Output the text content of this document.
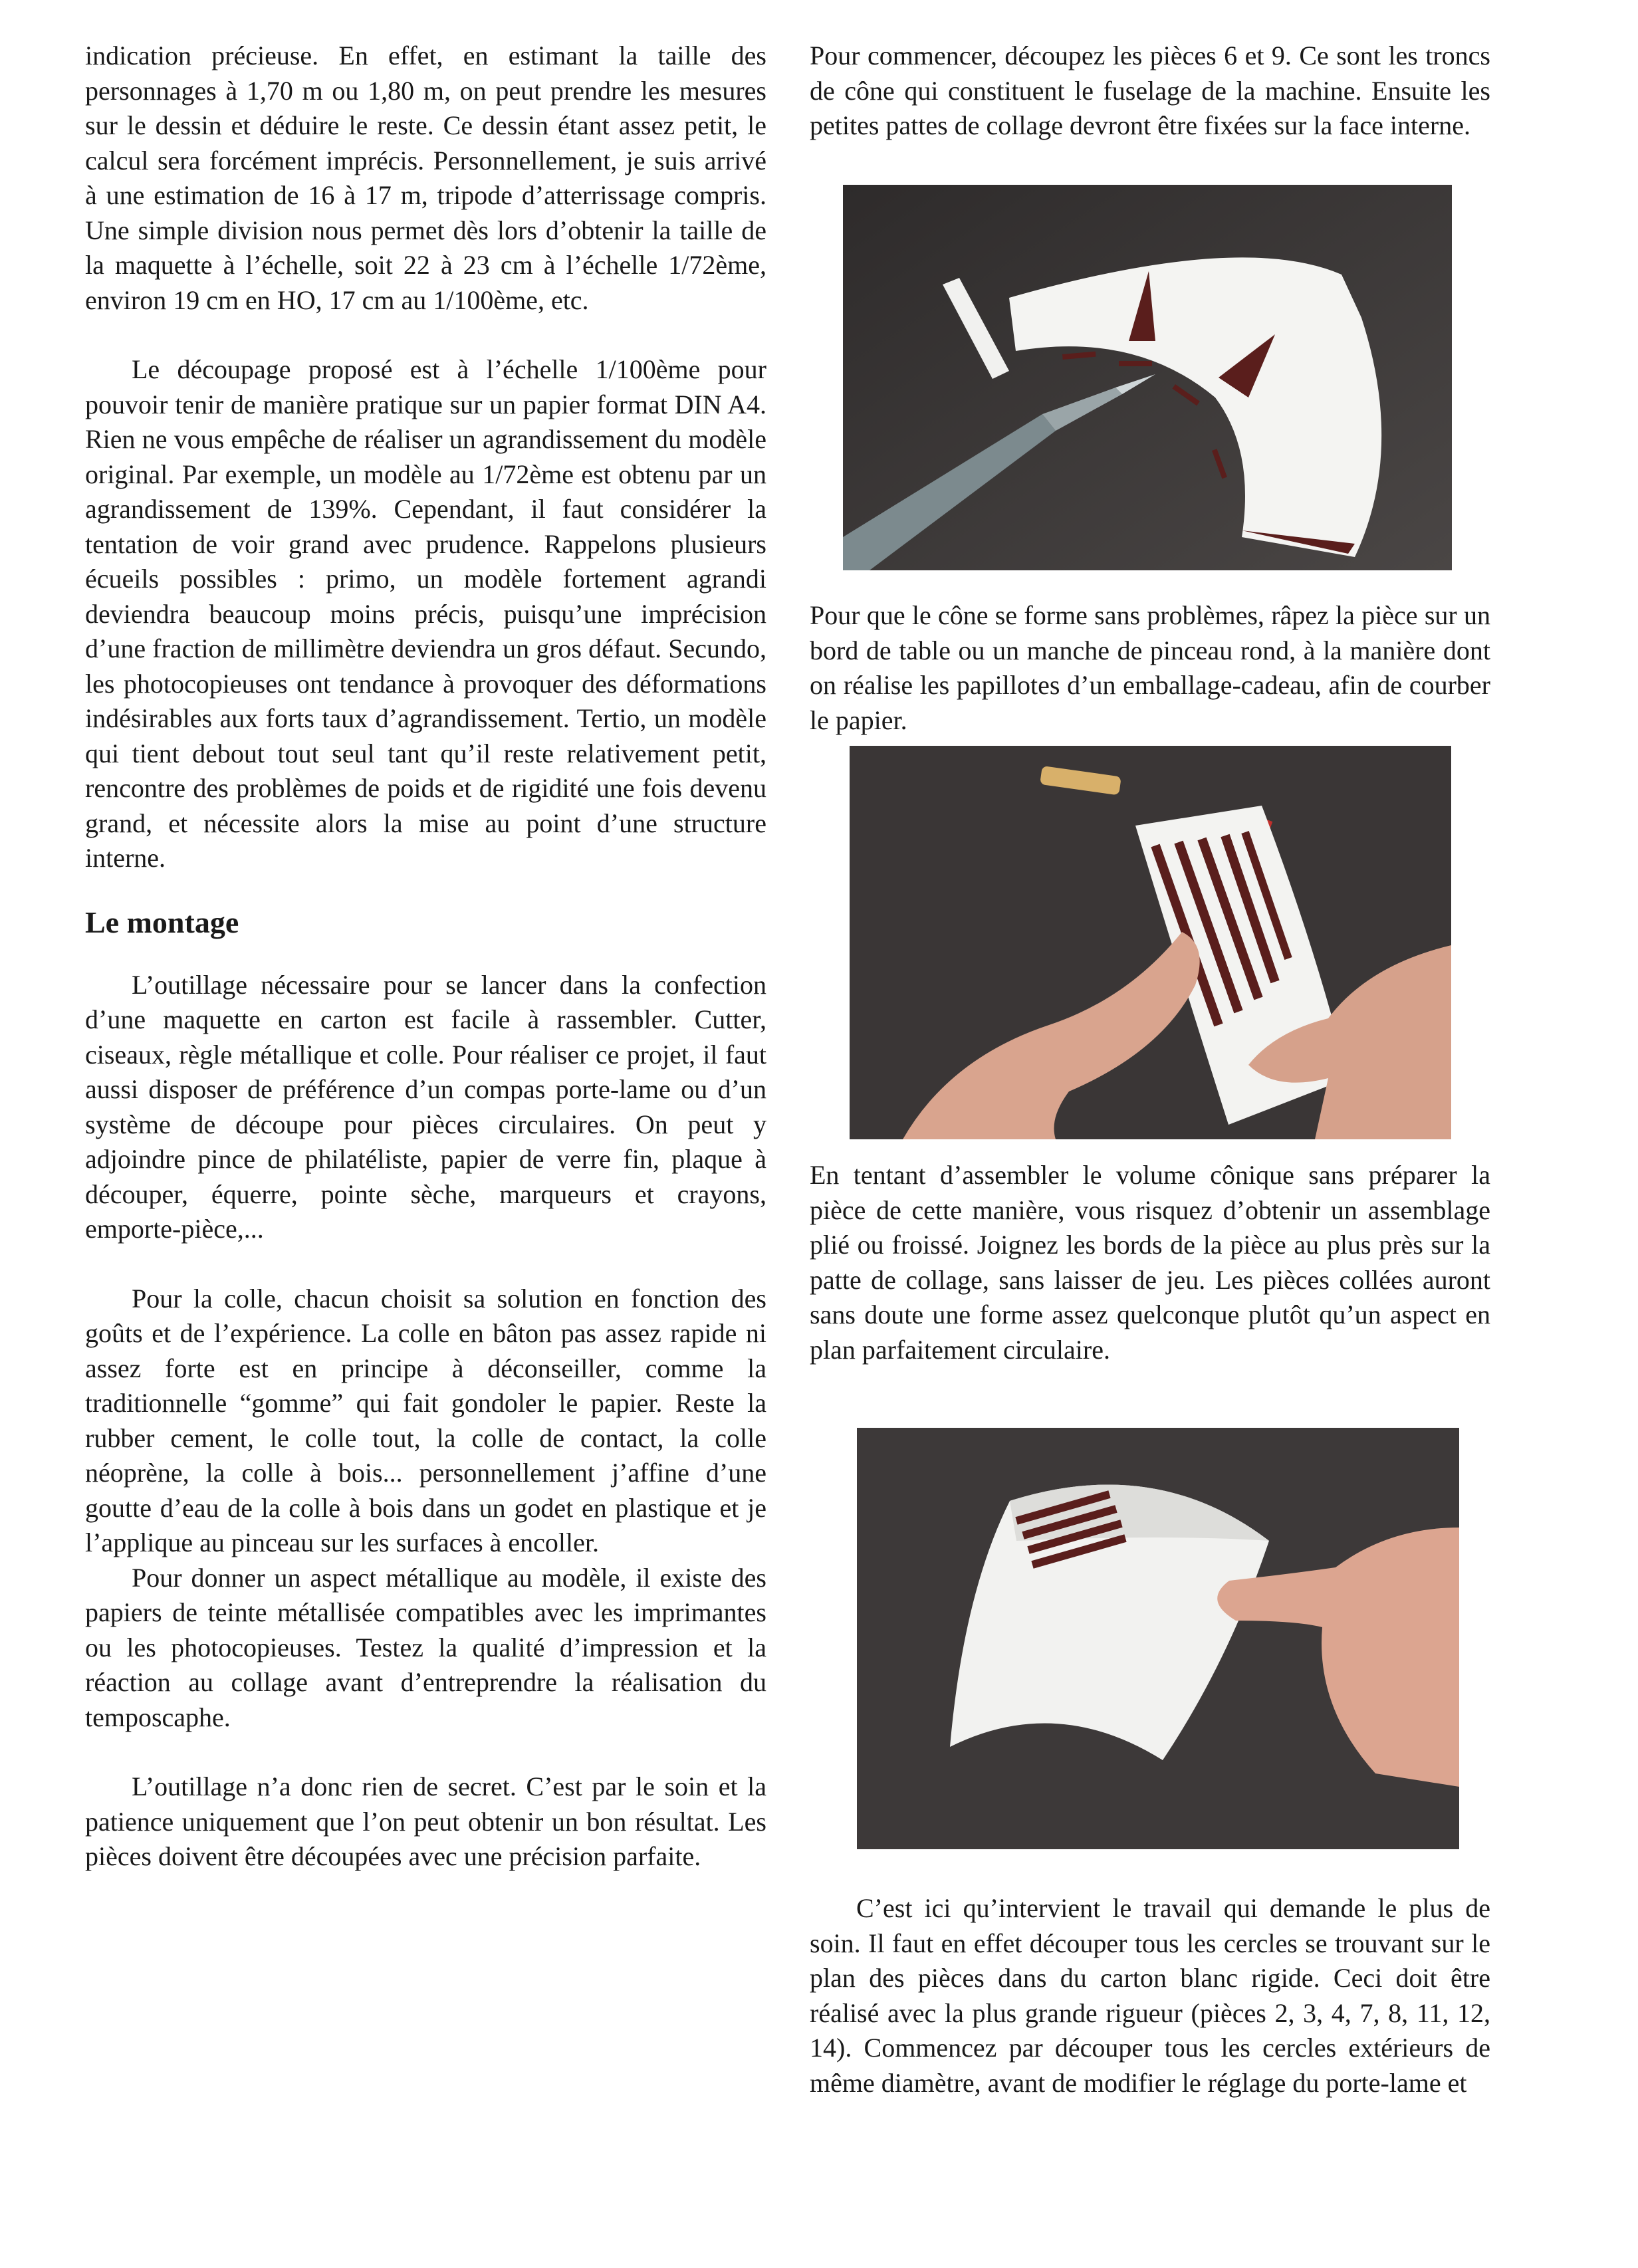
indication précieuse. En effet, en estimant la taille des personnages à 1,70 m ou 1,80 m, on peut prendre les mesures sur le dessin et déduire le reste. Ce dessin étant assez petit, le calcul sera forcément imprécis. Personnellement, je suis arrivé à une estimation de 16 à 17 m, tripode d’atterrissage compris. Une simple division nous permet dès lors d’obtenir la taille de la maquette à l’échelle, soit 22 à 23 cm à l’échelle 1/72ème, environ 19 cm en HO, 17 cm au 1/100ème, etc.

Le découpage proposé est à l’échelle 1/100ème pour pouvoir tenir de manière pratique sur un papier format DIN A4. Rien ne vous empêche de réaliser un agrandissement du modèle original. Par exemple, un modèle au 1/72ème est obtenu par un agrandissement de 139%. Cependant, il faut considérer la tentation de voir grand avec prudence. Rappelons plusieurs écueils possibles : primo, un modèle fortement agrandi deviendra beaucoup moins précis, puisqu’une imprécision d’une fraction de millimètre deviendra un gros défaut. Secundo, les photocopieuses ont tendance à provoquer des déformations indésirables aux forts taux d’agrandissement. Tertio, un modèle qui tient debout tout seul tant qu’il reste relativement petit, rencontre des problèmes de poids et de rigidité une fois devenu grand, et nécessite alors la mise au point d’une structure interne.

Le montage

L’outillage nécessaire pour se lancer dans la confection d’une maquette en carton est facile à rassembler. Cutter, ciseaux, règle métallique et colle. Pour réaliser ce projet, il faut aussi disposer de préférence d’un compas porte-lame ou d’un système de découpe pour pièces circulaires. On peut y adjoindre pince de philatéliste, papier de verre fin, plaque à découper, équerre, pointe sèche, marqueurs et crayons, emporte-pièce,...

Pour la colle, chacun choisit sa solution en fonction des goûts et de l’expérience. La colle en bâton pas assez rapide ni assez forte est en principe à déconseiller, comme la traditionnelle “gomme” qui fait gondoler le papier. Reste la rubber cement, le colle tout, la colle de contact, la colle néoprène, la colle à bois... personnellement j’affine d’une goutte d’eau de la colle à bois dans un godet en plastique et je l’applique au pinceau sur les surfaces à encoller.

Pour donner un aspect métallique au modèle, il existe des papiers de teinte métallisée compatibles avec les imprimantes ou les photocopieuses. Testez la qualité d’impression et la réaction au collage avant d’entreprendre la réalisation du temposcaphe.

L’outillage n’a donc rien de secret. C’est par le soin et la patience uniquement que l’on peut obtenir un bon résultat. Les pièces doivent être découpées avec une précision parfaite.

Pour commencer, découpez les pièces 6 et 9. Ce sont les troncs de cône qui constituent le fuselage de la machine. Ensuite les petites pattes de collage devront être fixées sur la face interne.

Pour que le cône se forme sans problèmes, râpez la pièce sur un bord de table ou un manche de pinceau rond, à la manière dont on réalise les papillotes d’un emballage-cadeau, afin de courber le papier.

En tentant d’assembler le volume cônique sans préparer la pièce de cette manière, vous risquez d’obtenir un assemblage plié ou froissé. Joignez les bords de la pièce au plus près sur la patte de collage, sans laisser de jeu. Les pièces collées auront sans doute une forme assez quelconque plutôt qu’un aspect en plan parfaitement circulaire.

C’est ici qu’intervient le travail qui demande le plus de soin. Il faut en effet découper tous les cercles se trouvant sur le plan des pièces dans du carton blanc rigide. Ceci doit être réalisé avec la plus grande rigueur (pièces 2, 3, 4, 7, 8, 11, 12, 14). Commencez par découper tous les cercles extérieurs de même diamètre, avant de modifier le réglage du porte-lame et
